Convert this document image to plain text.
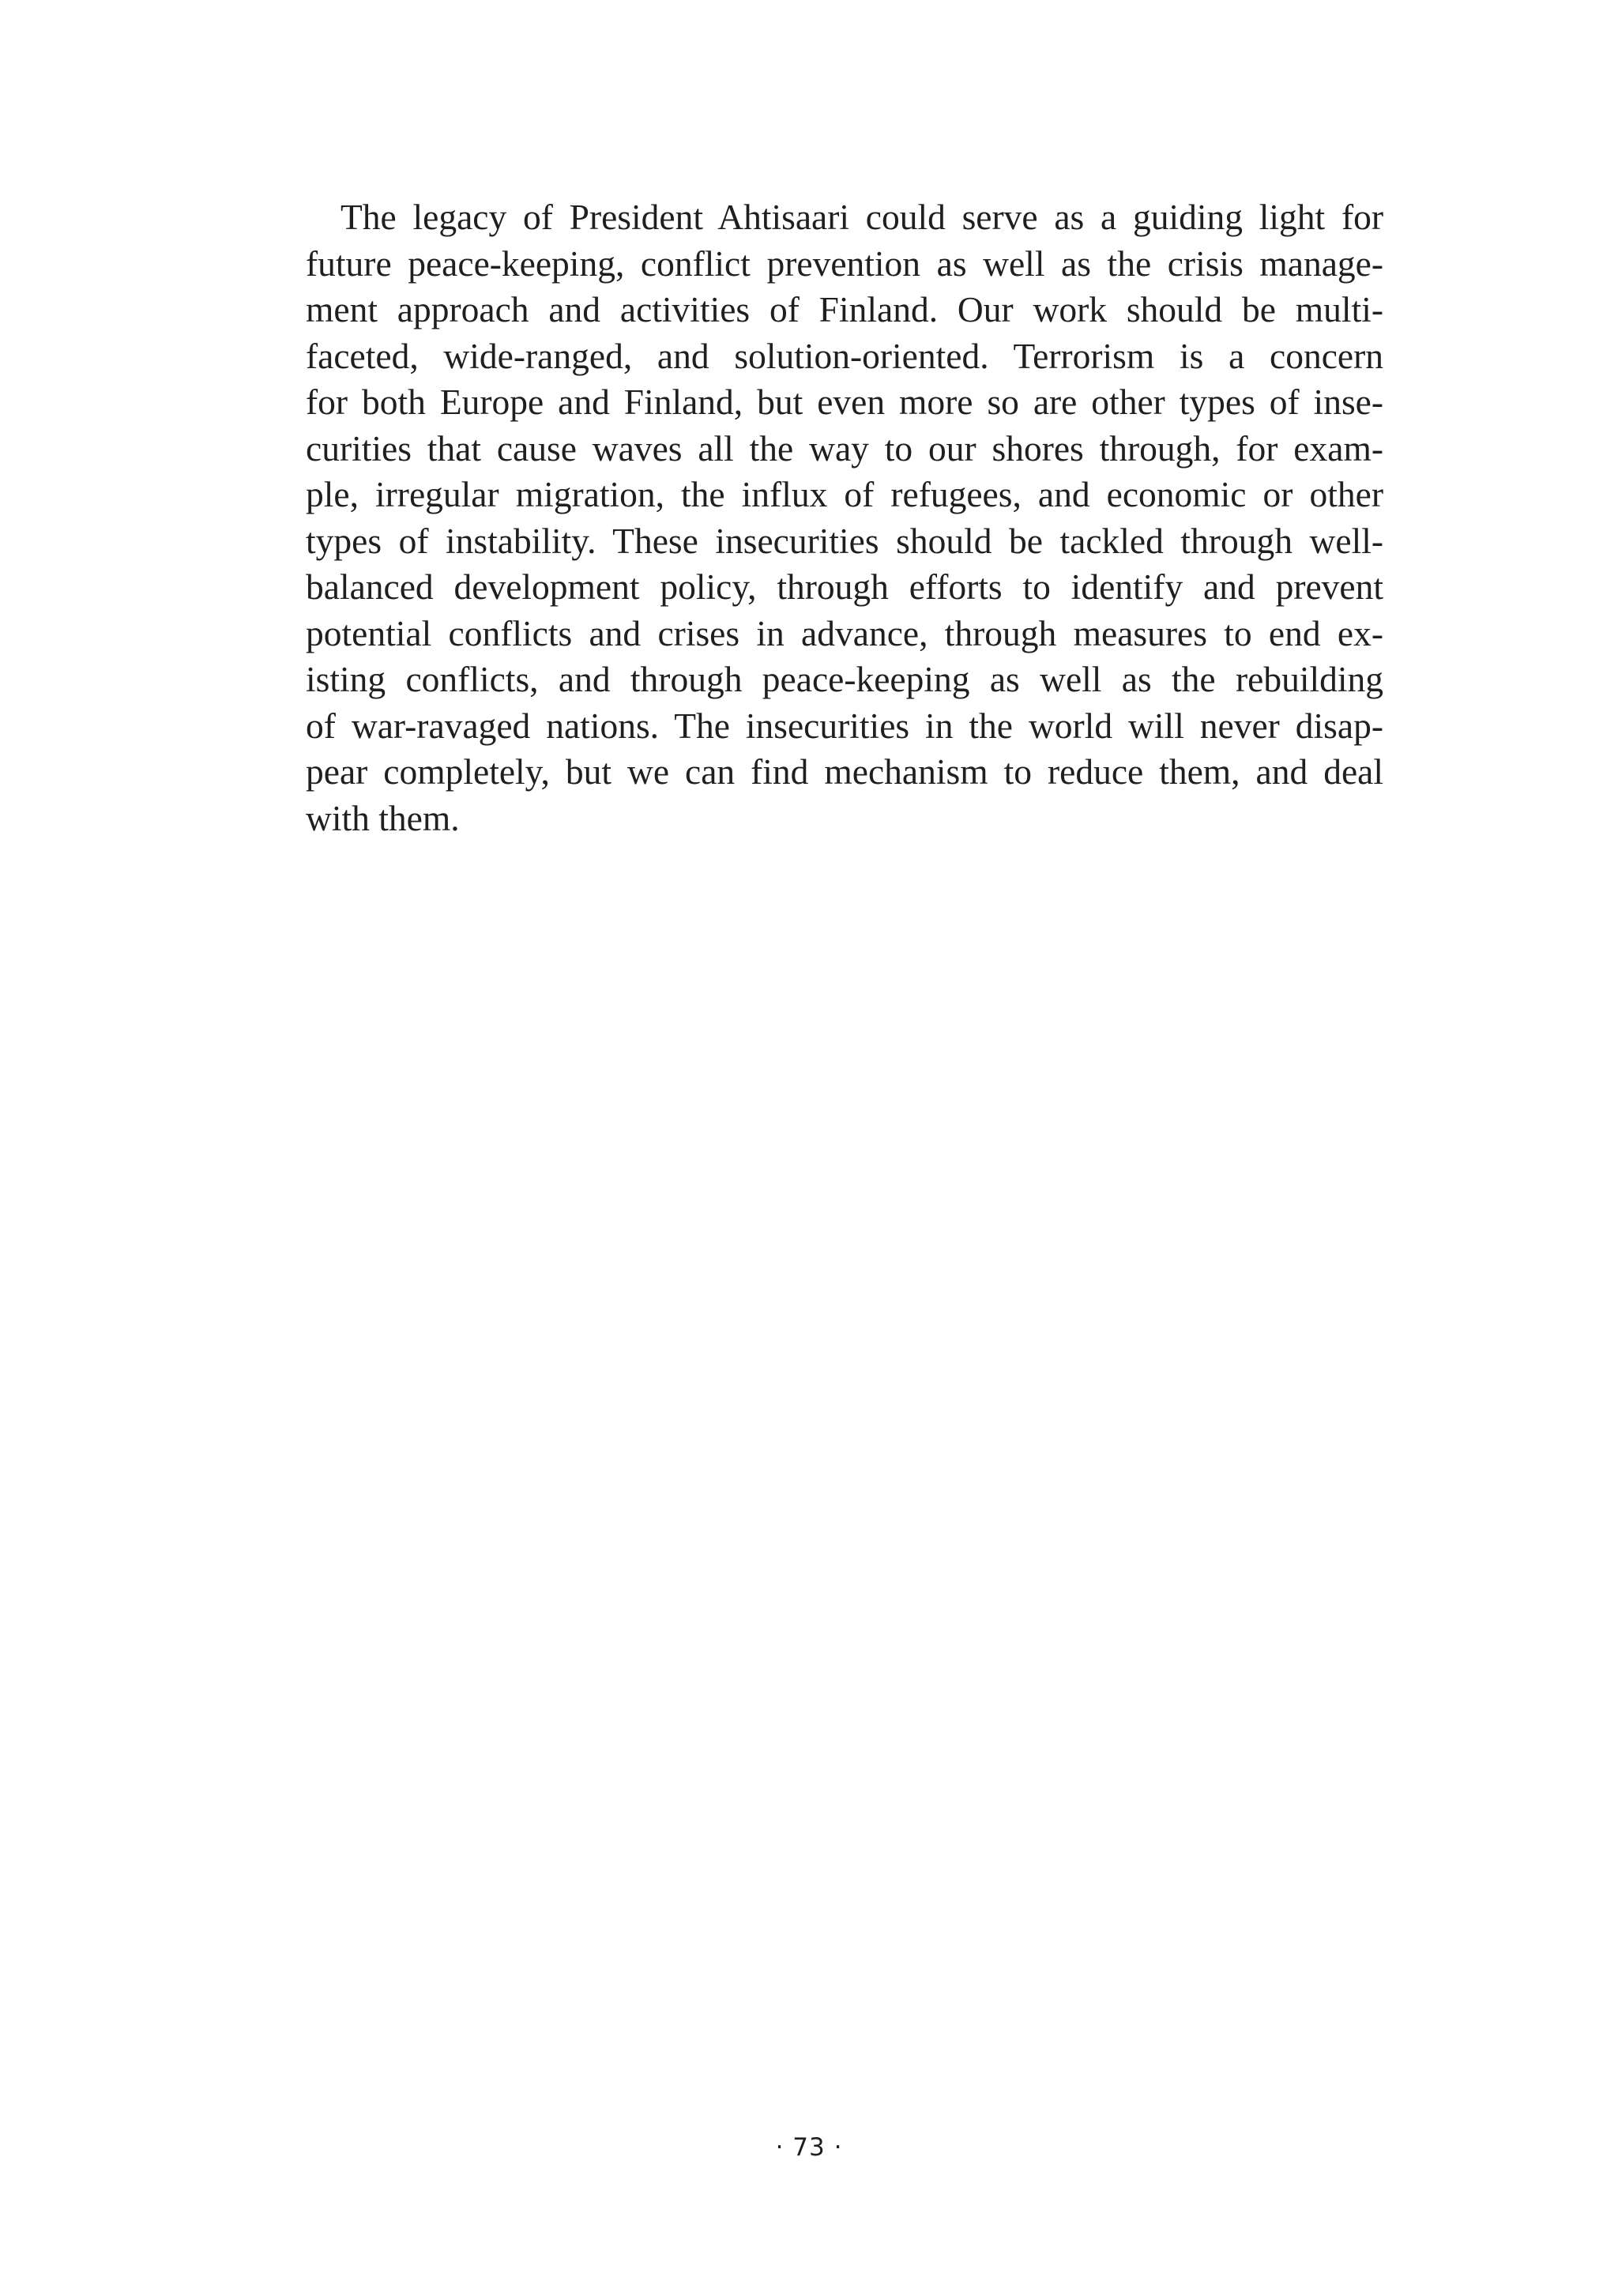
The legacy of President Ahtisaari could serve as a guiding light for
future peace-keeping, conflict prevention as well as the crisis manage-
ment approach and activities of Finland. Our work should be multi-
faceted, wide-ranged, and solution-oriented. Terrorism is a concern
for both Europe and Finland, but even more so are other types of inse-
curities that cause waves all the way to our shores through, for exam-
ple, irregular migration, the influx of refugees, and economic or other
types of instability. These insecurities should be tackled through well-
balanced development policy, through efforts to identify and prevent
potential conflicts and crises in advance, through measures to end ex-
isting conflicts, and through peace-keeping as well as the rebuilding
of war-ravaged nations. The insecurities in the world will never disap-
pear completely, but we can find mechanism to reduce them, and deal
with them.
· 73 ·
